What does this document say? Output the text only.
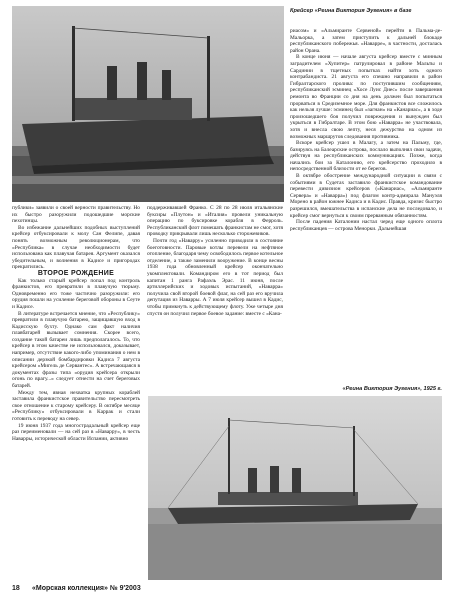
Крейсер «Реина Виктория Эугения» в базе

публики» заявили о своей верности правительству. Но их быстро разоружили подошедшие морские пехотинцы.

Во избежание дальнейших подобных выступлений крейсер отбуксировали к молу Сан Фелипе, давая понять возможным революционерам, что «Республика» в случае необходимости будет использована как плавучая батарея. Аргумент оказался убедительным, и волнения в Кадисе и пригородах прекратились.

ВТОРОЕ РОЖДЕНИЕ

Как только старый крейсер попал под контроль франкистов, его превратили в плавучую тюрьму. Одновременно его тоже частично разоружили: его орудия пошли на усиление береговой обороны в Сеуте и Кадисе.

В литературе встречается мнение, что «Республику» превратили в плавучую батарею, защищавшую вход в Кадисскую бухту. Однако сам факт наличия плавбатарей вызывает сомнения. Скорее всего, создание такой батареи лишь предполагалось. То, что крейсер в этом качестве не использовался, доказывает, например, отсутствие какого-либо упоминания о нем в описании дерзкой бомбардировки Кадиса 7 августа крейсером «Мигель де Сервантес». А встречающаяся в документах фразы типа «орудия крейсера открыли огонь по врагу...» следует отнести на счет береговых батарей.

Между тем, явная нехватка крупных кораблей заставила франкистское правительство пересмотреть свое отношение к старому крейсеру. В октябре месяце «Республику» отбуксировали в Каррак и стали готовить к переводу на север.

19 июня 1937 года многострадальный крейсер еще раз переименовали — на сей раз в «Наварру», в честь Наварры, исторической области Испании, активно

поддерживавшей Франко. С 28 по 28 июля итальянские буксиры «Плутон» и «Италия» провели уникальную операцию по буксировке корабля в Ферроль. Республиканский флот помешать франкистам не смог, хотя проводку прикрывали лишь несколько сторожевиков.

Почти год «Наварру» усиленно приводили в состояние боеготовности. Паровые котлы перевели на нефтяное отопление, благодаря чему освободилось первое котельное отделение, а также заменили вооружение. В конце весны 1938 года обновленный крейсер окончательно укомплектовали. Командиром его в тот период был капитан 1 ранга Рафаэль Эрас. 11 июня, после артиллерийских и ходовых испытаний, «Наварра» получила свой второй боевой флаг, на сей раз его вручила депутация из Наварры. А 7 июля крейсер вышел в Кадис, чтобы примкнуть к действующему флоту. Уже четыре дня спустя он получил первое боевое задание: вместе с «Кана-

риасом» и «Альмиранте Сервеной» перейти в Пальма-де-Мальорка, а затем приступить к дальней блокаде республиканского побережья. «Наварре», в частности, досталась район Орана.

В конце июня — начале августа крейсер вместе с минным заградителем «Хупитер» патрулировал в районе Мальты и Сардинии в тщетных попытках найти хоть одного контрабандиста. 21 августа его спешно направили в район Гибралтарского пролива: по поступившим сообщениям, республиканский эсминец «Хосе Луис Диес» после завершения ремонта во Франции со дня на день должен был попытаться прорваться в Средиземное море. Для франкистов все сложилось как нельзя лучше: эсминец был «загнан» на «Канариас», а в ходе произошедшего боя получил повреждения и вынужден был укрыться в Гибралтаре. В этом бою «Наварра» не участвовала, хотя и внесла свою лепту, неся дежурство на одном из возможных маршрутов следования противника.

Вскоре крейсер ушел в Малагу, а затем на Пальму, где, базируясь на Балеарские острова, послало выполнял свои задачи, действуя на республиканских коммуникациях. Позже, когда начались бои за Каталонию, его крейсерство проходило в непосредственной близости от ее берегов.

В октябре обострение международной ситуации в связи с событиями в Судетах заставило франкистское командование перевести дивизион крейсеров («Канариас», «Альмиранте Сервера» и «Наварра») под флагом контр-адмирала Мануэля Морено в район южнее Кадиса и в Кадис. Правда, кризис быстро разрешился, вмешательства в испанские дела не последовало, и крейсер смог вернуться к своим прерванным обязанностям.

После падения Каталонии настал черед еще одного оплота республиканцев — острова Менорки. Дальнейшая

«Реина Виктория Эугения», 1925 г.
18 «Морская коллекция» № 9'2003
